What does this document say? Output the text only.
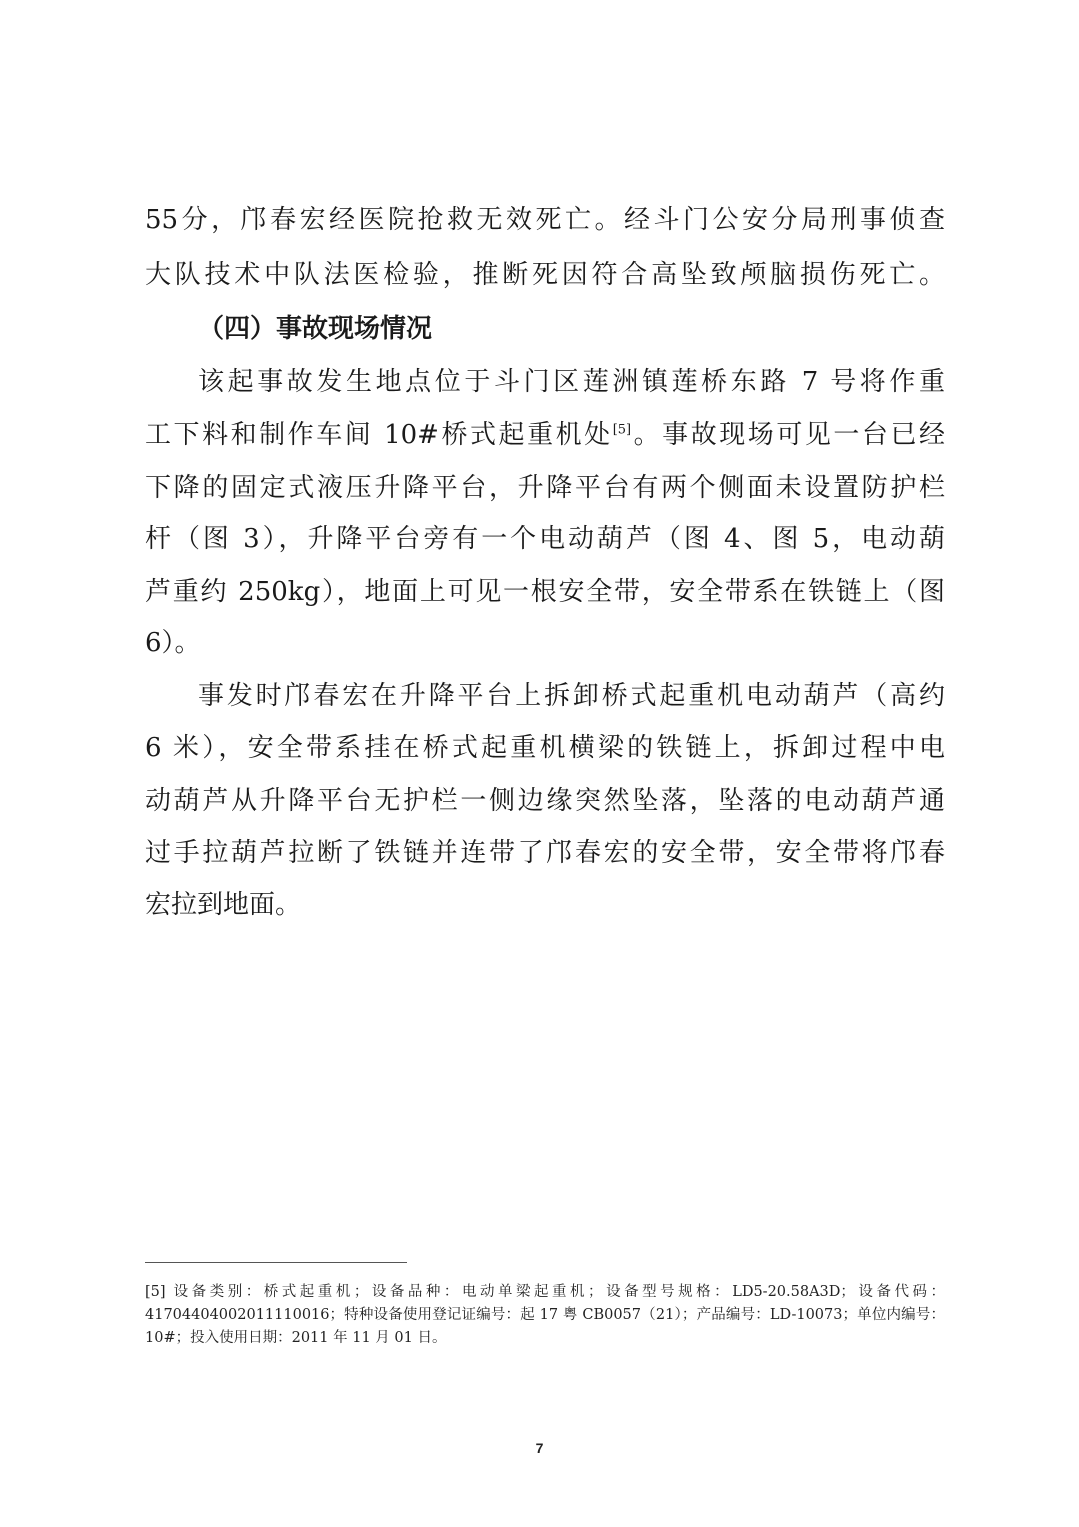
55分，邝春宏经医院抢救无效死亡。经斗门公安分局刑事侦查
大队技术中队法医检验，推断死因符合高坠致颅脑损伤死亡。
（四）事故现场情况
该起事故发生地点位于斗门区莲洲镇莲桥东路 7 号将作重
工下料和制作车间 10#桥式起重机处[5]。事故现场可见一台已经
下降的固定式液压升降平台，升降平台有两个侧面未设置防护栏
杆（图 3），升降平台旁有一个电动葫芦（图 4、图 5，电动葫
芦重约 250kg），地面上可见一根安全带，安全带系在铁链上（图
6）。
事发时邝春宏在升降平台上拆卸桥式起重机电动葫芦（高约
6 米），安全带系挂在桥式起重机横梁的铁链上，拆卸过程中电
动葫芦从升降平台无护栏一侧边缘突然坠落，坠落的电动葫芦通
过手拉葫芦拉断了铁链并连带了邝春宏的安全带，安全带将邝春
宏拉到地面。
[5] 设备类别：桥式起重机；设备品种：电动单梁起重机；设备型号规格：LD5-20.58A3D；设备代码：
41704404002011110016；特种设备使用登记证编号：起 17 粤 CB0057（21）；产品编号：LD-10073；单位内编号：
10#；投入使用日期：2011 年 11 月 01 日。
7
